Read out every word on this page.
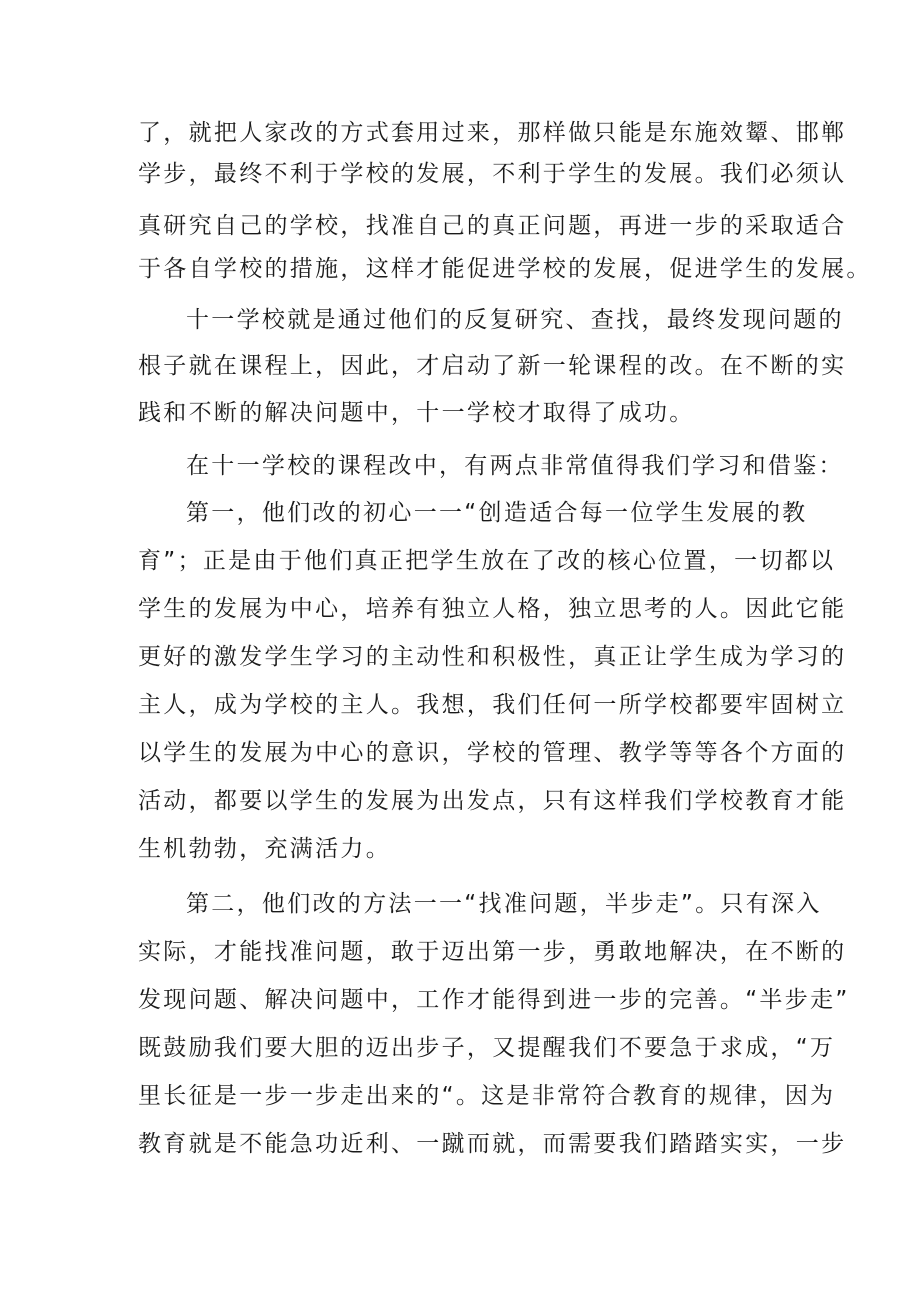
了，就把人家改的方式套用过来，那样做只能是东施效颦、邯郸
学步，最终不利于学校的发展，不利于学生的发展。我们必须认
真研究自己的学校，找准自己的真正问题，再进一步的采取适合
于各自学校的措施，这样才能促进学校的发展，促进学生的发展。
十一学校就是通过他们的反复研究、查找，最终发现问题的
根子就在课程上，因此，才启动了新一轮课程的改。在不断的实
践和不断的解决问题中，十一学校才取得了成功。
在十一学校的课程改中，有两点非常值得我们学习和借鉴：
第一，他们改的初心一一“创造适合每一位学生发展的教
育”；正是由于他们真正把学生放在了改的核心位置，一切都以
学生的发展为中心，培养有独立人格，独立思考的人。因此它能
更好的激发学生学习的主动性和积极性，真正让学生成为学习的
主人，成为学校的主人。我想，我们任何一所学校都要牢固树立
以学生的发展为中心的意识，学校的管理、教学等等各个方面的
活动，都要以学生的发展为出发点，只有这样我们学校教育才能
生机勃勃，充满活力。
第二，他们改的方法一一“找准问题，半步走”。只有深入
实际，才能找准问题，敢于迈出第一步，勇敢地解决，在不断的
发现问题、解决问题中，工作才能得到进一步的完善。“半步走”
既鼓励我们要大胆的迈出步子，又提醒我们不要急于求成，“万
里长征是一步一步走出来的“。这是非常符合教育的规律，因为
教育就是不能急功近利、一蹴而就，而需要我们踏踏实实，一步
